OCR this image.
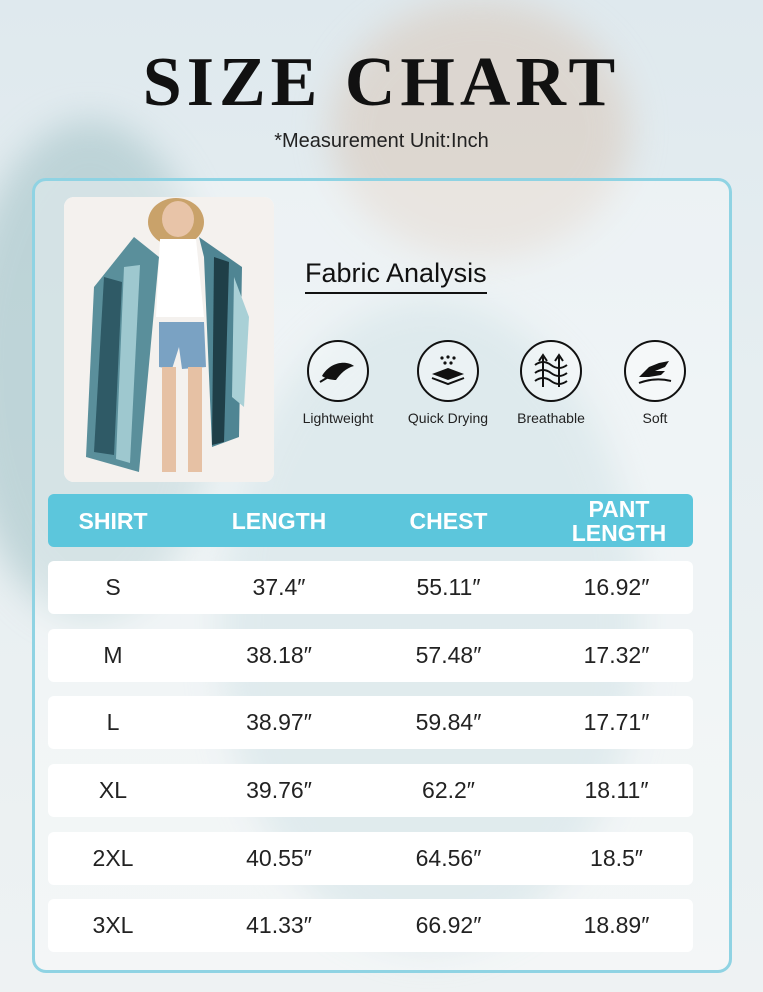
SIZE CHART
*Measurement Unit:Inch
Fabric Analysis
Lightweight	Quick Drying	Breathable	Soft
SHIRT	LENGTH	CHEST	PANT LENGTH
S	37.4″	55.11″	16.92″
M	38.18″	57.48″	17.32″
L	38.97″	59.84″	17.71″
XL	39.76″	62.2″	18.11″
2XL	40.55″	64.56″	18.5″
3XL	41.33″	66.92″	18.89″
